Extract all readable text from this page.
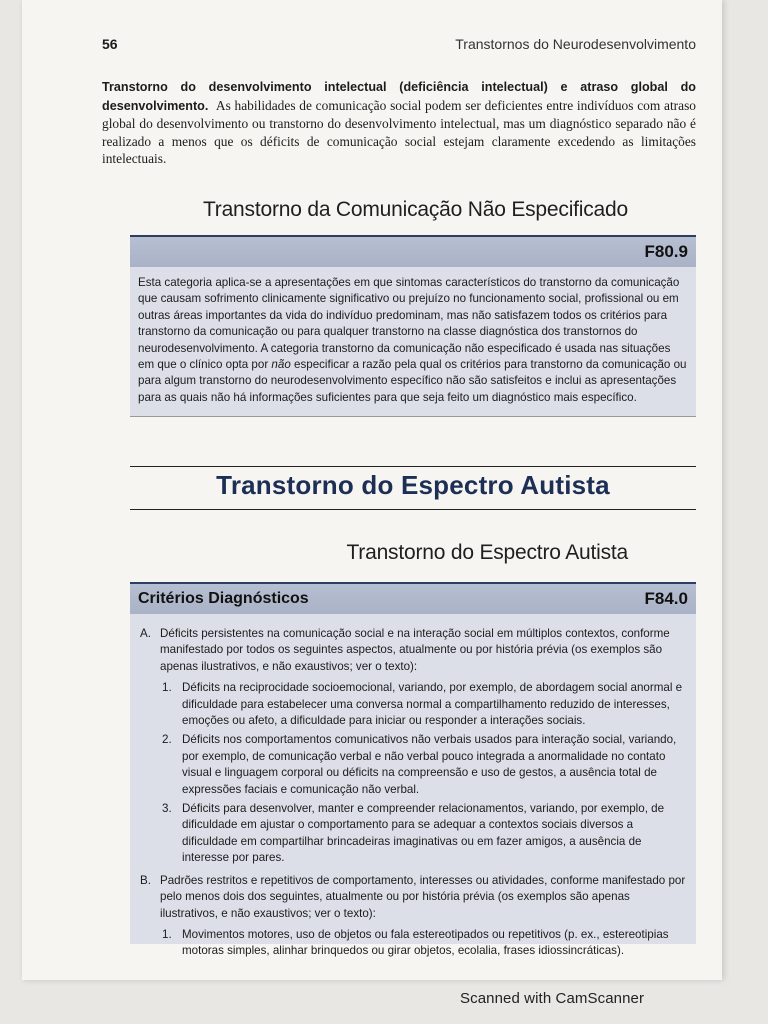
56	Transtornos do Neurodesenvolvimento
Transtorno do desenvolvimento intelectual (deficiência intelectual) e atraso global do desenvolvimento. As habilidades de comunicação social podem ser deficientes entre indivíduos com atraso global do desenvolvimento ou transtorno do desenvolvimento intelectual, mas um diagnóstico separado não é realizado a menos que os déficits de comunicação social estejam claramente excedendo as limitações intelectuais.
Transtorno da Comunicação Não Especificado
F80.9

Esta categoria aplica-se a apresentações em que sintomas característicos do transtorno da comunicação que causam sofrimento clinicamente significativo ou prejuízo no funcionamento social, profissional ou em outras áreas importantes da vida do indivíduo predominam, mas não satisfazem todos os critérios para transtorno da comunicação ou para qualquer transtorno na classe diagnóstica dos transtornos do neurodesenvolvimento. A categoria transtorno da comunicação não especificado é usada nas situações em que o clínico opta por não especificar a razão pela qual os critérios para transtorno da comunicação ou para algum transtorno do neurodesenvolvimento específico não são satisfeitos e inclui as apresentações para as quais não há informações suficientes para que seja feito um diagnóstico mais específico.

Transtorno do Espectro Autista
Transtorno do Espectro Autista
Critérios Diagnósticos	F84.0
A. Déficits persistentes na comunicação social e na interação social em múltiplos contextos, conforme manifestado por todos os seguintes aspectos, atualmente ou por história prévia (os exemplos são apenas ilustrativos, e não exaustivos; ver o texto):
1. Déficits na reciprocidade socioemocional, variando, por exemplo, de abordagem social anormal e dificuldade para estabelecer uma conversa normal a compartilhamento reduzido de interesses, emoções ou afeto, a dificuldade para iniciar ou responder a interações sociais.
2. Déficits nos comportamentos comunicativos não verbais usados para interação social, variando, por exemplo, de comunicação verbal e não verbal pouco integrada a anormalidade no contato visual e linguagem corporal ou déficits na compreensão e uso de gestos, a ausência total de expressões faciais e comunicação não verbal.
3. Déficits para desenvolver, manter e compreender relacionamentos, variando, por exemplo, de dificuldade em ajustar o comportamento para se adequar a contextos sociais diversos a dificuldade em compartilhar brincadeiras imaginativas ou em fazer amigos, a ausência de interesse por pares.
B. Padrões restritos e repetitivos de comportamento, interesses ou atividades, conforme manifestado por pelo menos dois dos seguintes, atualmente ou por história prévia (os exemplos são apenas ilustrativos, e não exaustivos; ver o texto):
1. Movimentos motores, uso de objetos ou fala estereotipados ou repetitivos (p. ex., estereotipias motoras simples, alinhar brinquedos ou girar objetos, ecolalia, frases idiossincráticas).
Scanned with CamScanner
